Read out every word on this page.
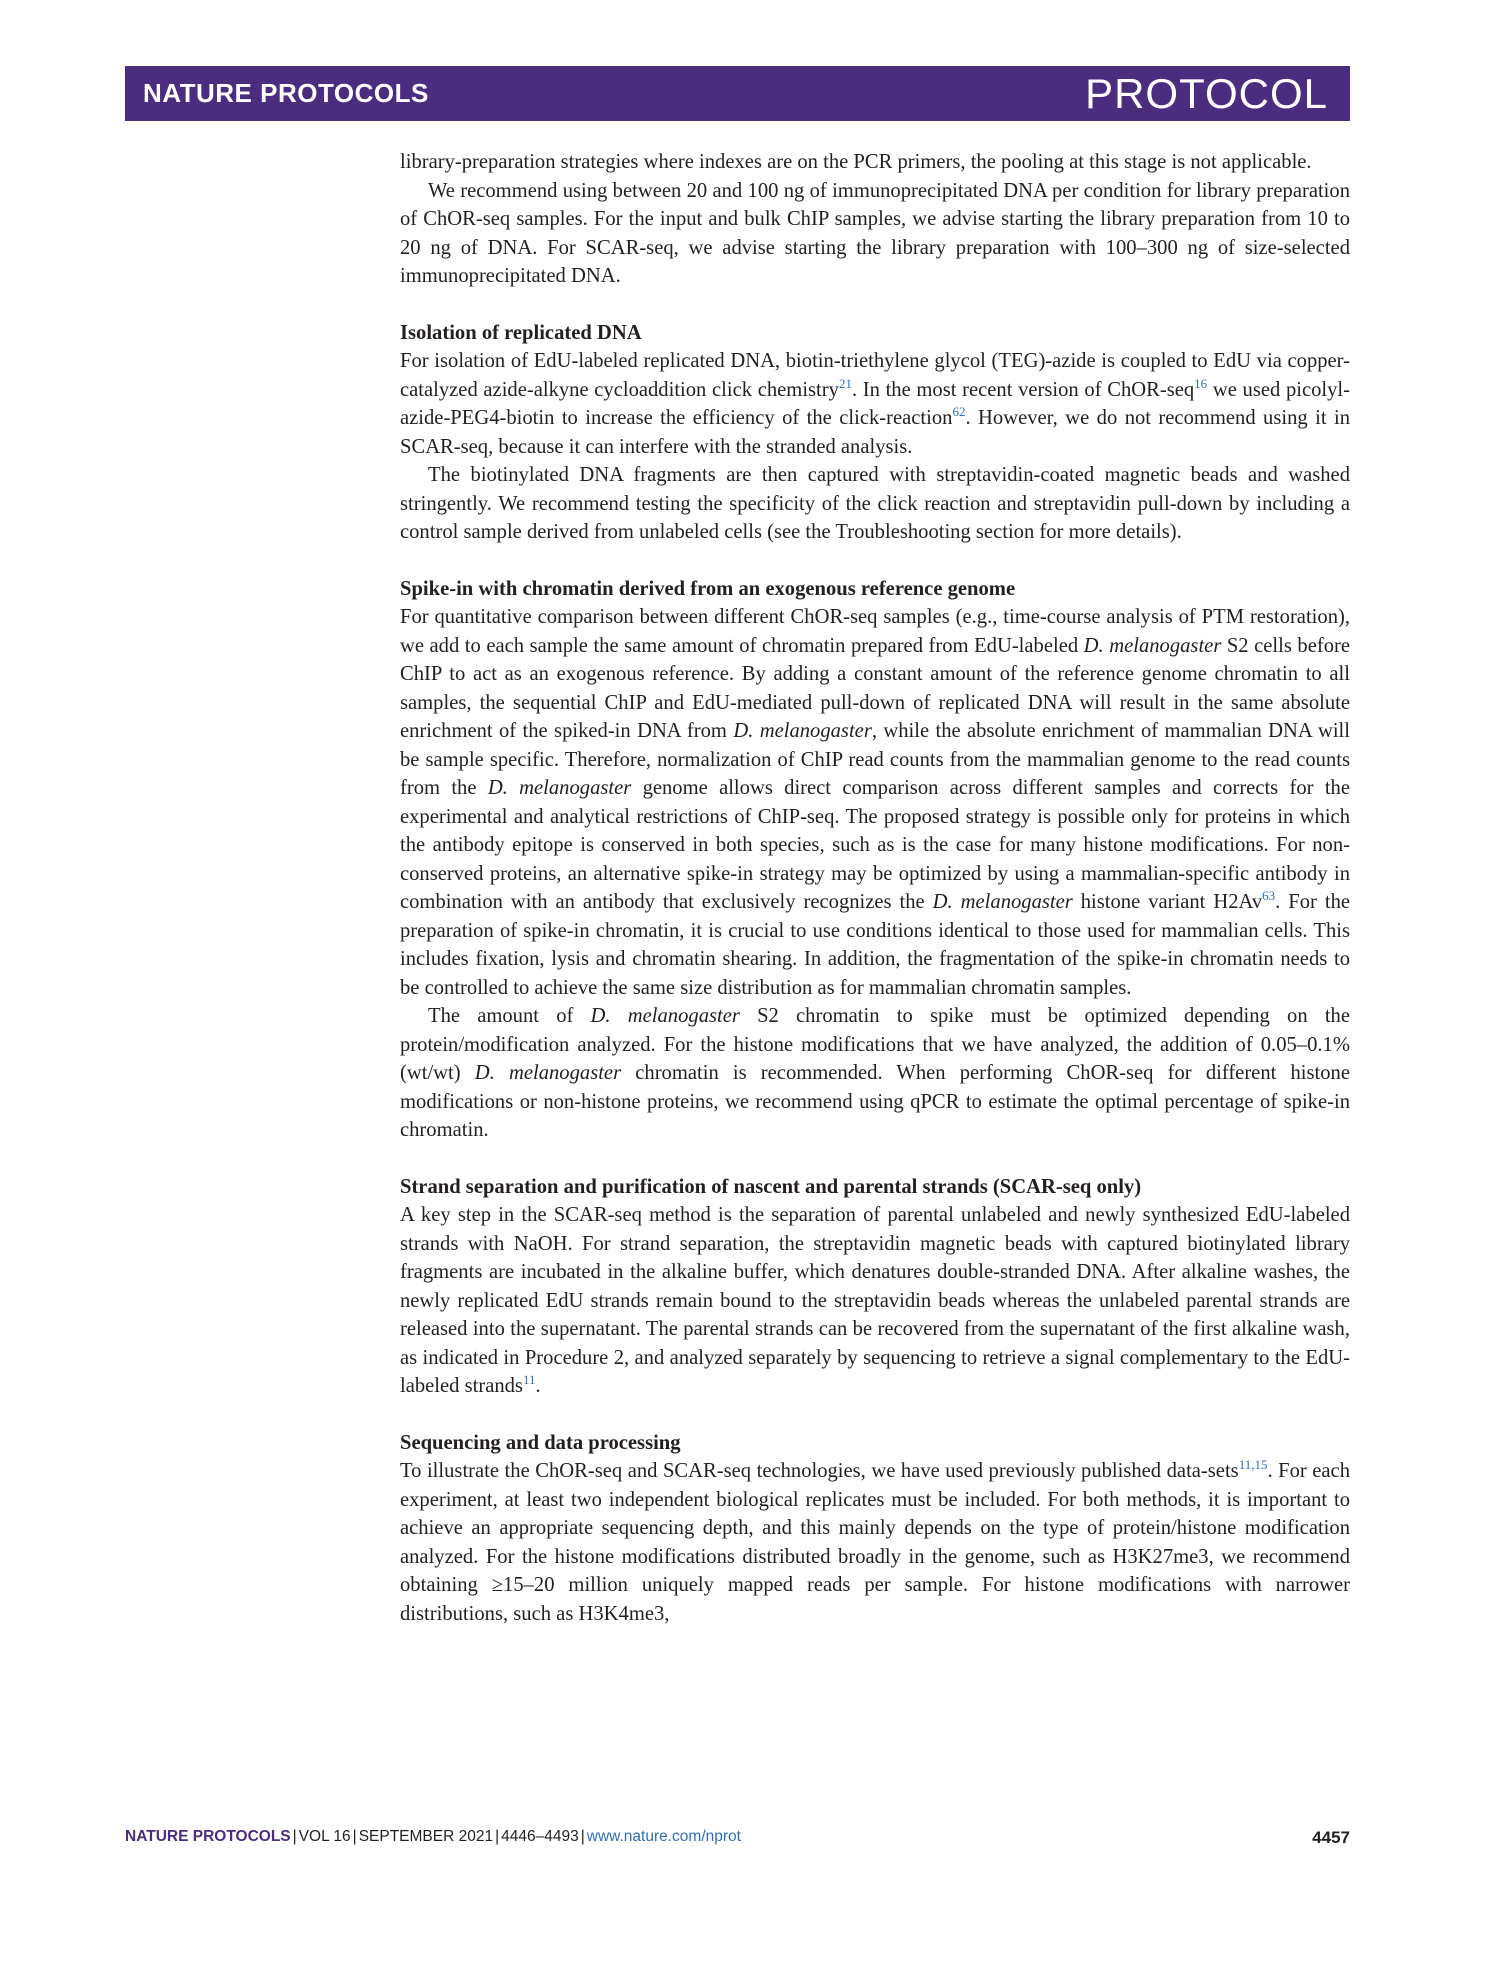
NATURE PROTOCOLS	PROTOCOL

library-preparation strategies where indexes are on the PCR primers, the pooling at this stage is not applicable.

We recommend using between 20 and 100 ng of immunoprecipitated DNA per condition for library preparation of ChOR-seq samples. For the input and bulk ChIP samples, we advise starting the library preparation from 10 to 20 ng of DNA. For SCAR-seq, we advise starting the library preparation with 100–300 ng of size-selected immunoprecipitated DNA.

Isolation of replicated DNA

For isolation of EdU-labeled replicated DNA, biotin-triethylene glycol (TEG)-azide is coupled to EdU via copper-catalyzed azide-alkyne cycloaddition click chemistry$^{21}$. In the most recent version of ChOR-seq$^{16}$ we used picolyl-azide-PEG4-biotin to increase the efficiency of the click-reaction$^{62}$. However, we do not recommend using it in SCAR-seq, because it can interfere with the stranded analysis.

The biotinylated DNA fragments are then captured with streptavidin-coated magnetic beads and washed stringently. We recommend testing the specificity of the click reaction and streptavidin pull-down by including a control sample derived from unlabeled cells (see the Troubleshooting section for more details).

Spike-in with chromatin derived from an exogenous reference genome

For quantitative comparison between different ChOR-seq samples (e.g., time-course analysis of PTM restoration), we add to each sample the same amount of chromatin prepared from EdU-labeled D. melanogaster S2 cells before ChIP to act as an exogenous reference. By adding a constant amount of the reference genome chromatin to all samples, the sequential ChIP and EdU-mediated pull-down of replicated DNA will result in the same absolute enrichment of the spiked-in DNA from D. melanogaster, while the absolute enrichment of mammalian DNA will be sample specific. Therefore, normalization of ChIP read counts from the mammalian genome to the read counts from the D. melanogaster genome allows direct comparison across different samples and corrects for the experimental and analytical restrictions of ChIP-seq. The proposed strategy is possible only for proteins in which the antibody epitope is conserved in both species, such as is the case for many histone modifications. For non-conserved proteins, an alternative spike-in strategy may be optimized by using a mammalian-specific antibody in combination with an antibody that exclusively recognizes the D. melanogaster histone variant H2Av$^{63}$. For the preparation of spike-in chromatin, it is crucial to use conditions identical to those used for mammalian cells. This includes fixation, lysis and chromatin shearing. In addition, the fragmentation of the spike-in chromatin needs to be controlled to achieve the same size distribution as for mammalian chromatin samples.

The amount of D. melanogaster S2 chromatin to spike must be optimized depending on the protein/modification analyzed. For the histone modifications that we have analyzed, the addition of 0.05–0.1% (wt/wt) D. melanogaster chromatin is recommended. When performing ChOR-seq for different histone modifications or non-histone proteins, we recommend using qPCR to estimate the optimal percentage of spike-in chromatin.

Strand separation and purification of nascent and parental strands (SCAR-seq only)

A key step in the SCAR-seq method is the separation of parental unlabeled and newly synthesized EdU-labeled strands with NaOH. For strand separation, the streptavidin magnetic beads with captured biotinylated library fragments are incubated in the alkaline buffer, which denatures double-stranded DNA. After alkaline washes, the newly replicated EdU strands remain bound to the streptavidin beads whereas the unlabeled parental strands are released into the supernatant. The parental strands can be recovered from the supernatant of the first alkaline wash, as indicated in Procedure 2, and analyzed separately by sequencing to retrieve a signal complementary to the EdU-labeled strands$^{11}$.

Sequencing and data processing

To illustrate the ChOR-seq and SCAR-seq technologies, we have used previously published data-sets$^{11,15}$. For each experiment, at least two independent biological replicates must be included. For both methods, it is important to achieve an appropriate sequencing depth, and this mainly depends on the type of protein/histone modification analyzed. For the histone modifications distributed broadly in the genome, such as H3K27me3, we recommend obtaining ≥15–20 million uniquely mapped reads per sample. For histone modifications with narrower distributions, such as H3K4me3,

NATURE PROTOCOLS | VOL 16 | SEPTEMBER 2021 | 4446–4493 | www.nature.com/nprot	4457
